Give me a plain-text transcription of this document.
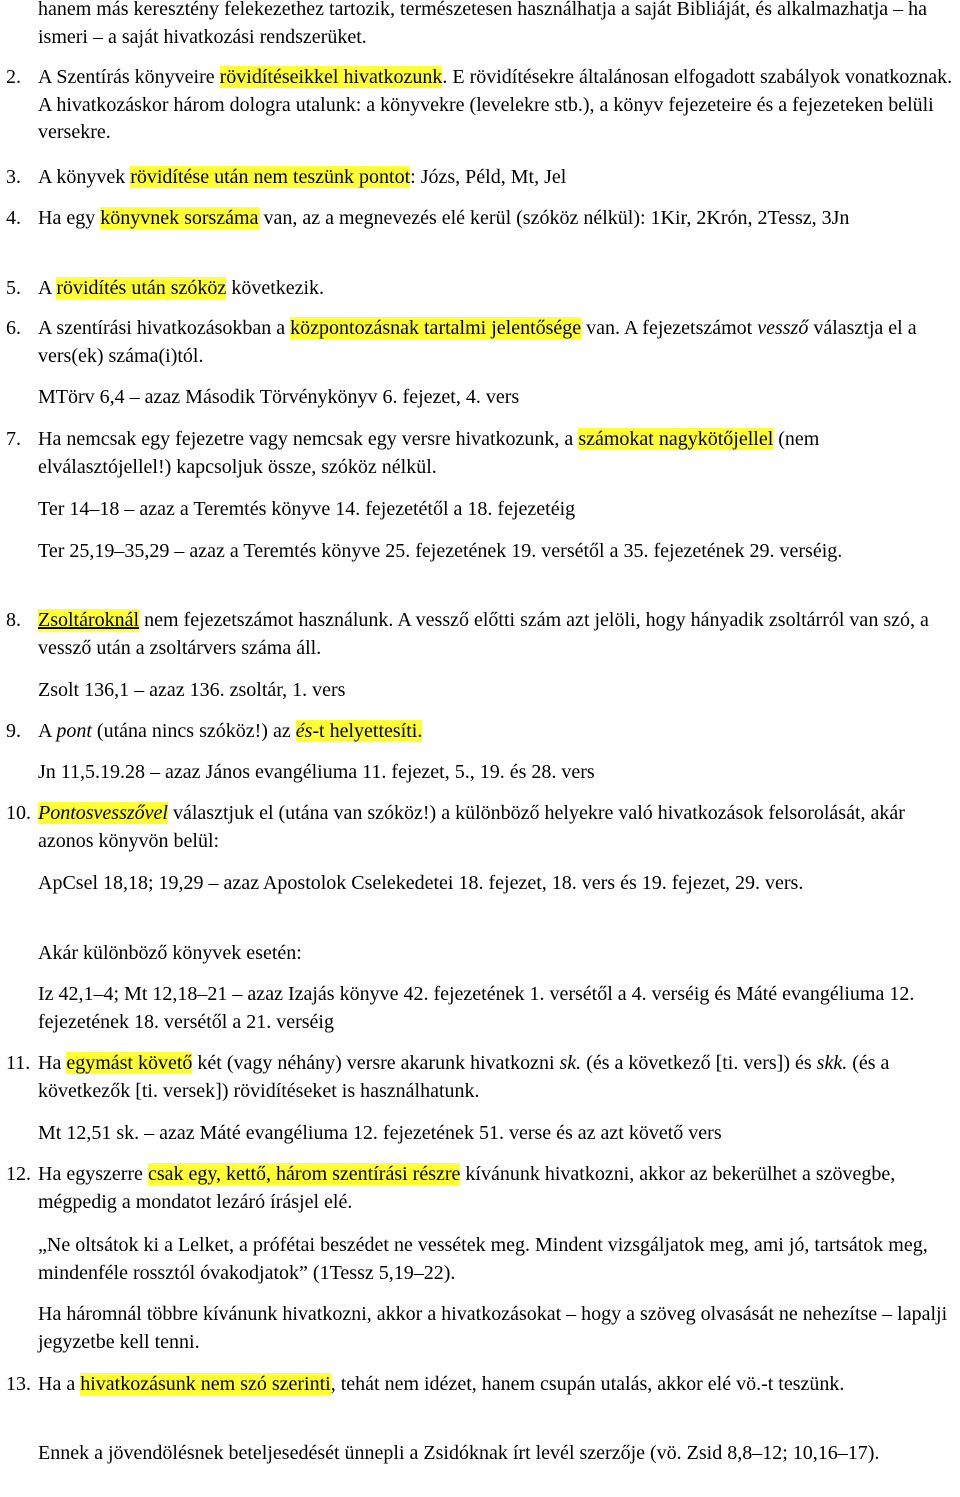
hanem más keresztény felekezethez tartozik, természetesen használhatja a saját Bibliáját, és alkalmazhatja – ha ismeri – a saját hivatkozási rendszerüket.
2. A Szentírás könyveire rövidítéseikkel hivatkozunk. E rövidítésekre általánosan elfogadott szabályok vonatkoznak. A hivatkozáskor három dologra utalunk: a könyvekre (levelekre stb.), a könyv fejezeteire és a fejezeteken belüli versekre.
3. A könyvek rövidítése után nem teszünk pontot: Józs, Péld, Mt, Jel
4. Ha egy könyvnek sorszáma van, az a megnevezés elé kerül (szóköz nélkül): 1Kir, 2Krón, 2Tessz, 3Jn
5. A rövidítés után szóköz következik.
6. A szentírási hivatkozásokban a központozásnak tartalmi jelentősége van. A fejezetszámot vessző választja el a vers(ek) száma(i)tól.
MTörv 6,4 – azaz Második Törvénykönyv 6. fejezet, 4. vers
7. Ha nemcsak egy fejezetre vagy nemcsak egy versre hivatkozunk, a számokat nagykötőjellel (nem elválasztójellel!) kapcsoljuk össze, szóköz nélkül.
Ter 14–18 – azaz a Teremtés könyve 14. fejezetétől a 18. fejezetéig
Ter 25,19–35,29 – azaz a Teremtés könyve 25. fejezetének 19. versétől a 35. fejezetének 29. verséig.
8. Zsoltároknál nem fejezetszámot használunk. A vessző előtti szám azt jelöli, hogy hányadik zsoltárról van szó, a vessző után a zsoltárvers száma áll.
Zsolt 136,1 – azaz 136. zsoltár, 1. vers
9. A pont (utána nincs szóköz!) az és-t helyettesíti.
Jn 11,5.19.28 – azaz János evangéliuma 11. fejezet, 5., 19. és 28. vers
10. Pontosvesszővel választjuk el (utána van szóköz!) a különböző helyekre való hivatkozások felsorolását, akár azonos könyvön belül:
ApCsel 18,18; 19,29 – azaz Apostolok Cselekedetei 18. fejezet, 18. vers és 19. fejezet, 29. vers.
Akár különböző könyvek esetén:
Iz 42,1–4; Mt 12,18–21 – azaz Izajás könyve 42. fejezetének 1. versétől a 4. verséig és Máté evangéliuma 12. fejezetének 18. versétől a 21. verséig
11. Ha egymást követő két (vagy néhány) versre akarunk hivatkozni sk. (és a következő [ti. vers]) és skk. (és a következők [ti. versek]) rövidítéseket is használhatunk.
Mt 12,51 sk. – azaz Máté evangéliuma 12. fejezetének 51. verse és az azt követő vers
12. Ha egyszerre csak egy, kettő, három szentírási részre kívánunk hivatkozni, akkor az bekerülhet a szövegbe, mégpedig a mondatot lezáró írásjel elé.
„Ne oltsátok ki a Lelket, a prófétai beszédet ne vessétek meg. Mindent vizsgáljatok meg, ami jó, tartsátok meg, mindenféle rossztól óvakodjatok” (1Tessz 5,19–22).
Ha háromnál többre kívánunk hivatkozni, akkor a hivatkozásokat – hogy a szöveg olvasását ne nehezítse – lapalji jegyzetbe kell tenni.
13. Ha a hivatkozásunk nem szó szerinti, tehát nem idézet, hanem csupán utalás, akkor elé vö.-t teszünk.
Ennek a jövendölésnek beteljesedését ünnepli a Zsidóknak írt levél szerzője (vö. Zsid 8,8–12; 10,16–17).
